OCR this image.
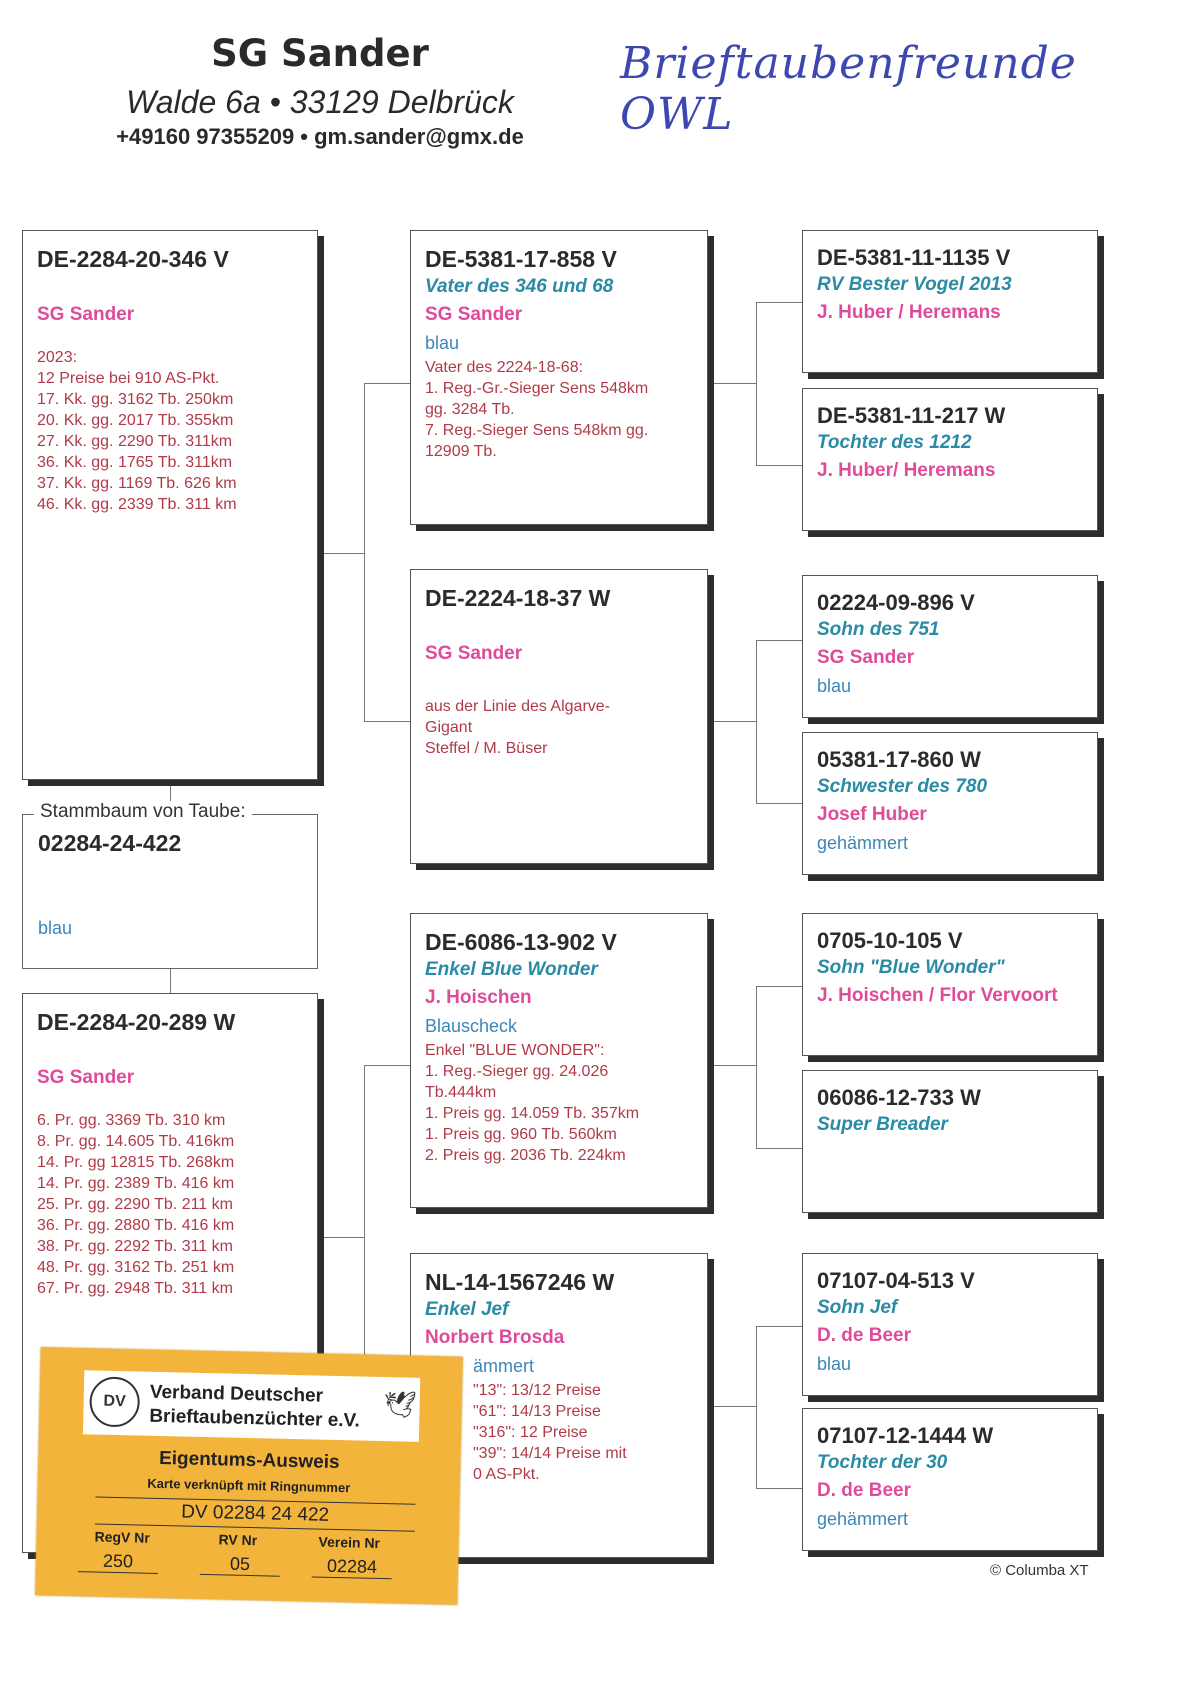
SG Sander
Walde 6a • 33129 Delbrück
+49160 97355209 • gm.sander@gmx.de
Brieftaubenfreunde OWL
Stammbaum von Taube:
02284-24-422
blau
DE-2284-20-346 V
SG Sander
2023:
12 Preise bei 910 AS-Pkt.
17. Kk. gg. 3162 Tb. 250km
20. Kk. gg. 2017 Tb. 355km
27. Kk. gg. 2290 Tb. 311km
36. Kk. gg. 1765 Tb. 311km
37. Kk. gg. 1169 Tb. 626 km
46. Kk. gg. 2339 Tb. 311 km
DE-2284-20-289 W
SG Sander
6. Pr. gg. 3369 Tb. 310 km
8. Pr. gg. 14.605 Tb. 416km
14. Pr. gg 12815 Tb. 268km
14. Pr. gg. 2389 Tb. 416 km
25. Pr. gg. 2290 Tb. 211 km
36. Pr. gg. 2880 Tb. 416 km
38. Pr. gg. 2292 Tb. 311 km
48. Pr. gg. 3162 Tb. 251 km
67. Pr. gg. 2948 Tb. 311 km
DE-5381-17-858 V
Vater des 346 und 68
SG Sander
blau
Vater des 2224-18-68:
1. Reg.-Gr.-Sieger Sens 548km
gg. 3284 Tb.
7. Reg.-Sieger Sens 548km gg.
12909 Tb.
DE-2224-18-37 W
SG Sander
aus der Linie des Algarve-
Gigant
Steffel / M. Büser
DE-6086-13-902 V
Enkel Blue Wonder
J. Hoischen
Blauscheck
Enkel "BLUE WONDER":
1. Reg.-Sieger gg. 24.026
Tb.444km
1. Preis gg. 14.059 Tb. 357km
1. Preis gg. 960 Tb. 560km
2. Preis gg. 2036 Tb. 224km
NL-14-1567246 W
Enkel Jef
Norbert Brosda
ämmert
"13": 13/12 Preise
"61": 14/13 Preise
"316": 12 Preise
"39": 14/14 Preise mit
0 AS-Pkt.
DE-5381-11-1135 V
RV Bester Vogel 2013
J. Huber / Heremans
DE-5381-11-217 W
Tochter des 1212
J. Huber/ Heremans
02224-09-896 V
Sohn des 751
SG Sander
blau
05381-17-860 W
Schwester des 780
Josef Huber
gehämmert
0705-10-105 V
Sohn "Blue Wonder"
J. Hoischen / Flor Vervoort
06086-12-733 W
Super Breader
07107-04-513 V
Sohn Jef
D. de Beer
blau
07107-12-1444 W
Tochter der 30
D. de Beer
gehämmert
© Columba XT
DV	Verband Deutscher
Brieftaubenzüchter e.V. 🕊
Eigentums-Ausweis
Karte verknüpft mit Ringnummer
DV 02284 24 422
RegV Nr	RV Nr	Verein Nr
250	05	02284
